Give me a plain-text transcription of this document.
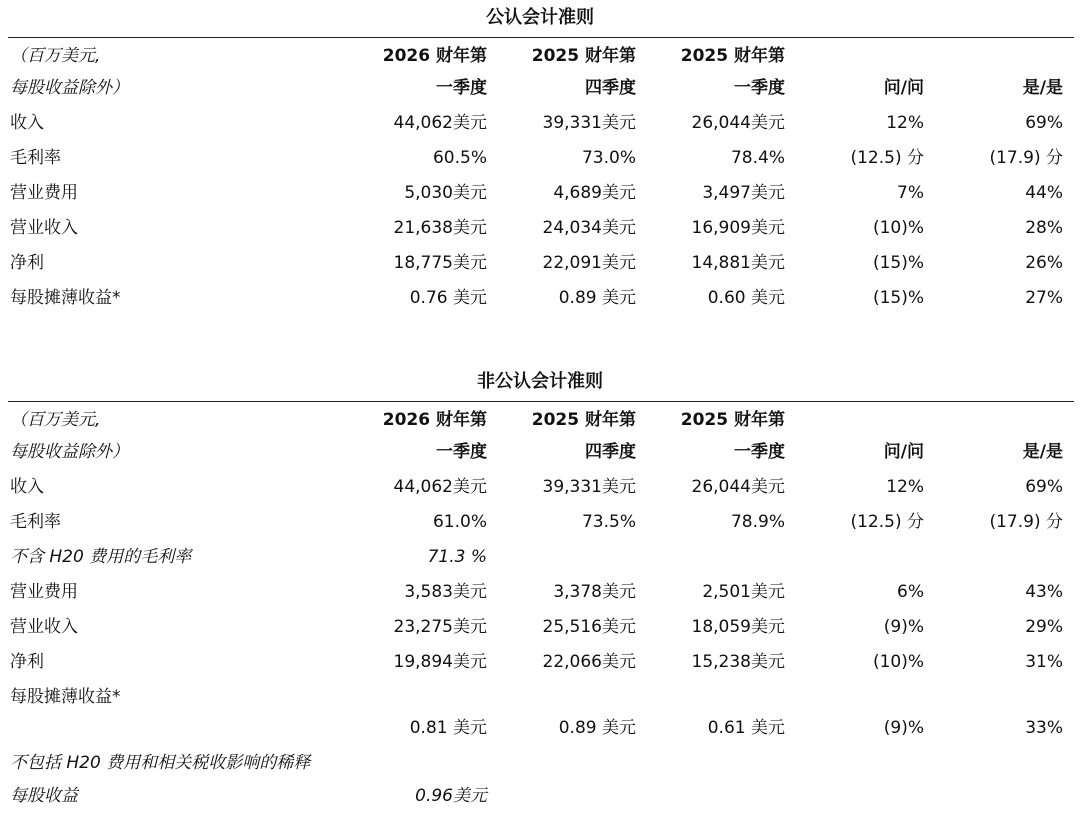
公认会计准则
（百万美元,	2026 财年第	2025 财年第	2025 财年第
每股收益除外）	一季度	四季度	一季度	问/问	是/是
收入	44,062美元	39,331美元	26,044美元	12%	69%
毛利率	60.5%	73.0%	78.4%	(12.5) 分	(17.9) 分
营业费用	5,030美元	4,689美元	3,497美元	7%	44%
营业收入	21,638美元	24,034美元	16,909美元	(10)%	28%
净利	18,775美元	22,091美元	14,881美元	(15)%	26%
每股摊薄收益*	0.76 美元	0.89 美元	0.60 美元	(15)%	27%
非公认会计准则
（百万美元,	2026 财年第	2025 财年第	2025 财年第
每股收益除外）	一季度	四季度	一季度	问/问	是/是
收入	44,062美元	39,331美元	26,044美元	12%	69%
毛利率	61.0%	73.5%	78.9%	(12.5) 分	(17.9) 分
不含 H20 费用的毛利率	71.3 %
营业费用	3,583美元	3,378美元	2,501美元	6%	43%
营业收入	23,275美元	25,516美元	18,059美元	(9)%	29%
净利	19,894美元	22,066美元	15,238美元	(10)%	31%
每股摊薄收益*
0.81 美元	0.89 美元	0.61 美元	(9)%	33%
不包括 H20 费用和相关税收影响的稀释
每股收益	0.96美元
